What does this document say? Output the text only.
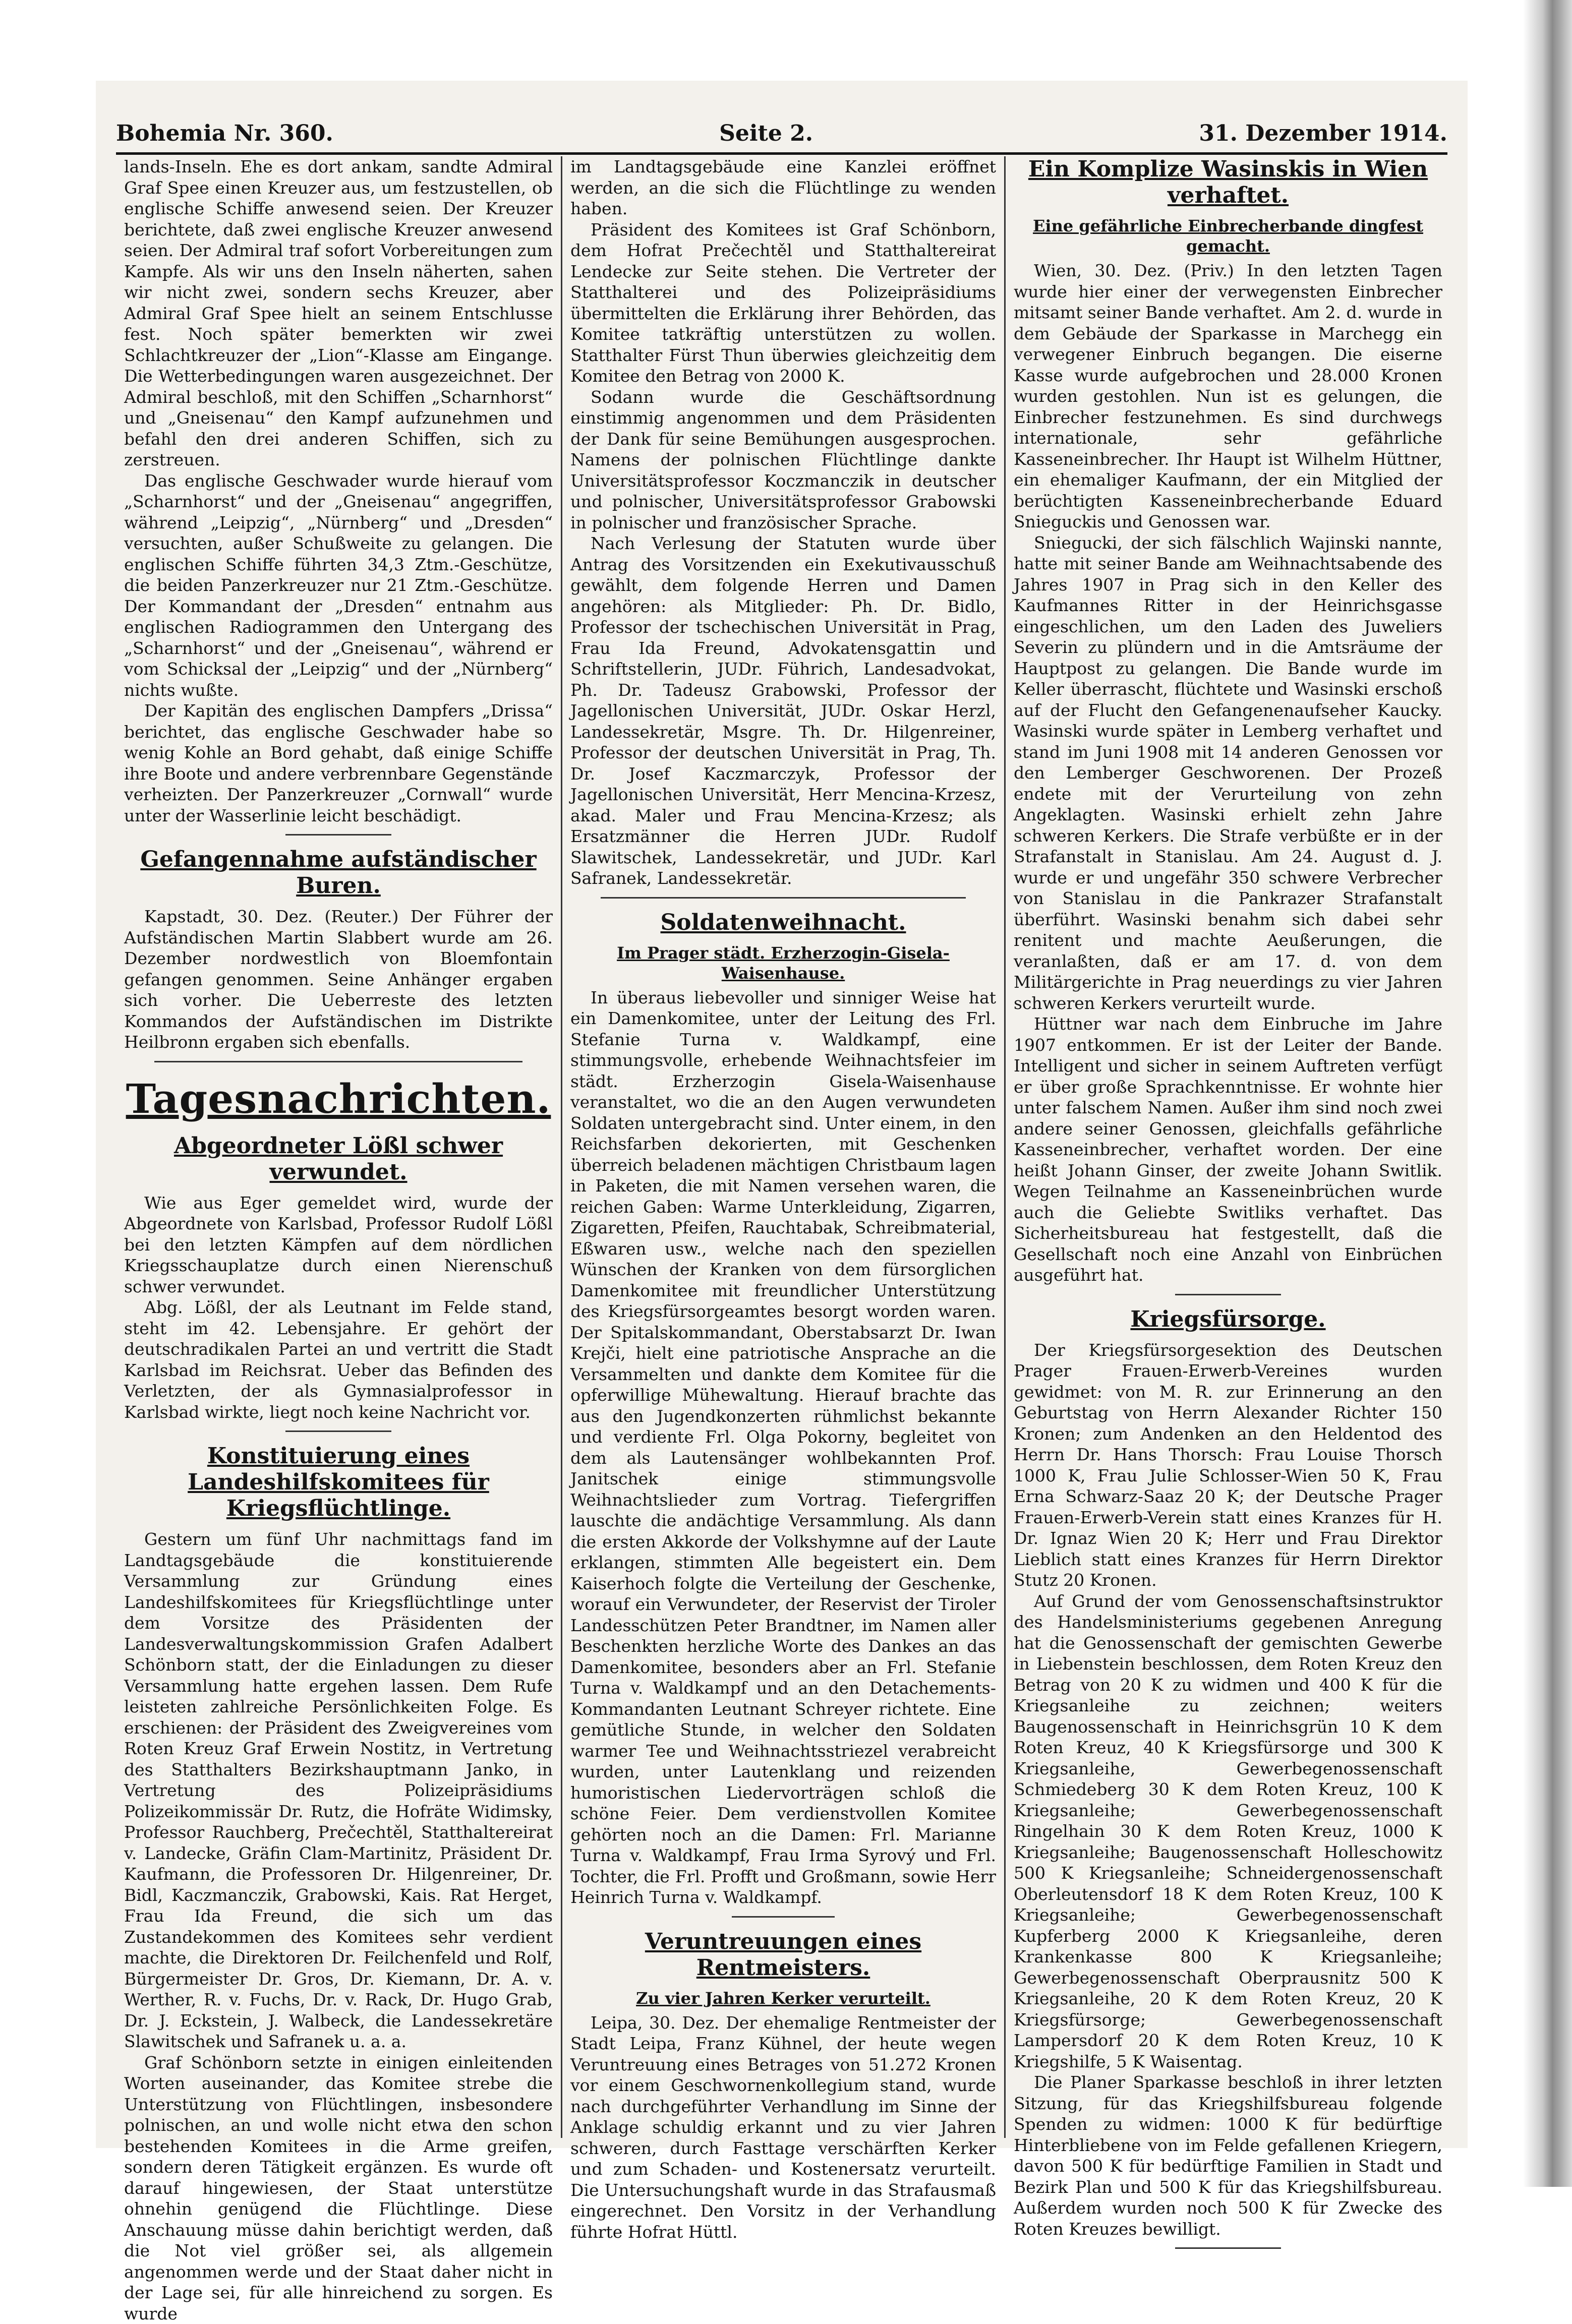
Bohemia Nr. 360.	Seite 2.	31. Dezember 1914.

lands-Inseln. Ehe es dort ankam, sandte Admiral Graf Spee einen Kreuzer aus, um festzustellen, ob englische Schiffe anwesend seien. Der Kreuzer berichtete, daß zwei englische Kreuzer anwesend seien. Der Admiral traf sofort Vorbereitungen zum Kampfe. Als wir uns den Inseln näherten, sahen wir nicht zwei, sondern sechs Kreuzer, aber Admiral Graf Spee hielt an seinem Entschlusse fest. Noch später bemerkten wir zwei Schlachtkreuzer der „Lion“-Klasse am Eingange. Die Wetterbedingungen waren ausgezeichnet. Der Admiral beschloß, mit den Schiffen „Scharnhorst“ und „Gneisenau“ den Kampf aufzunehmen und befahl den drei anderen Schiffen, sich zu zerstreuen.

Das englische Geschwader wurde hierauf vom „Scharnhorst“ und der „Gneisenau“ angegriffen, während „Leipzig“, „Nürnberg“ und „Dresden“ versuchten, außer Schußweite zu gelangen. Die englischen Schiffe führten 34,3 Ztm.-Geschütze, die beiden Panzerkreuzer nur 21 Ztm.-Geschütze. Der Kommandant der „Dresden“ entnahm aus englischen Radiogrammen den Untergang des „Scharnhorst“ und der „Gneisenau“, während er vom Schicksal der „Leipzig“ und der „Nürnberg“ nichts wußte.

Der Kapitän des englischen Dampfers „Drissa“ berichtet, das englische Geschwader habe so wenig Kohle an Bord gehabt, daß einige Schiffe ihre Boote und andere verbrennbare Gegenstände verheizten. Der Panzerkreuzer „Cornwall“ wurde unter der Wasserlinie leicht beschädigt.

Gefangennahme aufständischer Buren.

Kapstadt, 30. Dez. (Reuter.) Der Führer der Aufständischen Martin Slabbert wurde am 26. Dezember nordwestlich von Bloemfontain gefangen genommen. Seine Anhänger ergaben sich vorher. Die Ueberreste des letzten Kommandos der Aufständischen im Distrikte Heilbronn ergaben sich ebenfalls.

Tagesnachrichten.
Abgeordneter Lößl schwer verwundet.

Wie aus Eger gemeldet wird, wurde der Abgeordnete von Karlsbad, Professor Rudolf Lößl bei den letzten Kämpfen auf dem nördlichen Kriegsschauplatze durch einen Nierenschuß schwer verwundet.

Abg. Lößl, der als Leutnant im Felde stand, steht im 42. Lebensjahre. Er gehört der deutschradikalen Partei an und vertritt die Stadt Karlsbad im Reichsrat. Ueber das Befinden des Verletzten, der als Gymnasialprofessor in Karlsbad wirkte, liegt noch keine Nachricht vor.

Konstituierung eines Landeshilfskomitees für Kriegsflüchtlinge.

Gestern um fünf Uhr nachmittags fand im Landtagsgebäude die konstituierende Versammlung zur Gründung eines Landeshilfskomitees für Kriegsflüchtlinge unter dem Vorsitze des Präsidenten der Landesverwaltungskommission Grafen Adalbert Schönborn statt, der die Einladungen zu dieser Versammlung hatte ergehen lassen. Dem Rufe leisteten zahlreiche Persönlichkeiten Folge. Es erschienen: der Präsident des Zweigvereines vom Roten Kreuz Graf Erwein Nostitz, in Vertretung des Statthalters Bezirkshauptmann Janko, in Vertretung des Polizeipräsidiums Polizeikommissär Dr. Rutz, die Hofräte Widimsky, Professor Rauchberg, Prečechtěl, Statthaltereirat v. Landecke, Gräfin Clam-Martinitz, Präsident Dr. Kaufmann, die Professoren Dr. Hilgenreiner, Dr. Bidl, Kaczmanczik, Grabowski, Kais. Rat Herget, Frau Ida Freund, die sich um das Zustandekommen des Komitees sehr verdient machte, die Direktoren Dr. Feilchenfeld und Rolf, Bürgermeister Dr. Gros, Dr. Kiemann, Dr. A. v. Werther, R. v. Fuchs, Dr. v. Rack, Dr. Hugo Grab, Dr. J. Eckstein, J. Walbeck, die Landessekretäre Slawitschek und Safranek u. a. a.

Graf Schönborn setzte in einigen einleitenden Worten auseinander, das Komitee strebe die Unterstützung von Flüchtlingen, insbesondere polnischen, an und wolle nicht etwa den schon bestehenden Komitees in die Arme greifen, sondern deren Tätigkeit ergänzen. Es wurde oft darauf hingewiesen, der Staat unterstütze ohnehin genügend die Flüchtlinge. Diese Anschauung müsse dahin berichtigt werden, daß die Not viel größer sei, als allgemein angenommen werde und der Staat daher nicht in der Lage sei, für alle hinreichend zu sorgen. Es wurde

im Landtagsgebäude eine Kanzlei eröffnet werden, an die sich die Flüchtlinge zu wenden haben.

Präsident des Komitees ist Graf Schönborn, dem Hofrat Prečechtěl und Statthaltereirat Lendecke zur Seite stehen. Die Vertreter der Statthalterei und des Polizeipräsidiums übermittelten die Erklärung ihrer Behörden, das Komitee tatkräftig unterstützen zu wollen. Statthalter Fürst Thun überwies gleichzeitig dem Komitee den Betrag von 2000 K.

Sodann wurde die Geschäftsordnung einstimmig angenommen und dem Präsidenten der Dank für seine Bemühungen ausgesprochen. Namens der polnischen Flüchtlinge dankte Universitätsprofessor Koczmanczik in deutscher und polnischer, Universitätsprofessor Grabowski in polnischer und französischer Sprache.

Nach Verlesung der Statuten wurde über Antrag des Vorsitzenden ein Exekutivausschuß gewählt, dem folgende Herren und Damen angehören: als Mitglieder: Ph. Dr. Bidlo, Professor der tschechischen Universität in Prag, Frau Ida Freund, Advokatensgattin und Schriftstellerin, JUDr. Führich, Landesadvokat, Ph. Dr. Tadeusz Grabowski, Professor der Jagellonischen Universität, JUDr. Oskar Herzl, Landessekretär, Msgre. Th. Dr. Hilgenreiner, Professor der deutschen Universität in Prag, Th. Dr. Josef Kaczmarczyk, Professor der Jagellonischen Universität, Herr Mencina-Krzesz, akad. Maler und Frau Mencina-Krzesz; als Ersatzmänner die Herren JUDr. Rudolf Slawitschek, Landessekretär, und JUDr. Karl Safranek, Landessekretär.

Soldatenweihnacht.
Im Prager städt. Erzherzogin-Gisela-Waisenhause.

In überaus liebevoller und sinniger Weise hat ein Damenkomitee, unter der Leitung des Frl. Stefanie Turna v. Waldkampf, eine stimmungsvolle, erhebende Weihnachtsfeier im städt. Erzherzogin Gisela-Waisenhause veranstaltet, wo die an den Augen verwundeten Soldaten untergebracht sind. Unter einem, in den Reichsfarben dekorierten, mit Geschenken überreich beladenen mächtigen Christbaum lagen in Paketen, die mit Namen versehen waren, die reichen Gaben: Warme Unterkleidung, Zigarren, Zigaretten, Pfeifen, Rauchtabak, Schreibmaterial, Eßwaren usw., welche nach den speziellen Wünschen der Kranken von dem fürsorglichen Damenkomitee mit freundlicher Unterstützung des Kriegsfürsorgeamtes besorgt worden waren. Der Spitalskommandant, Oberstabsarzt Dr. Iwan Krejči, hielt eine patriotische Ansprache an die Versammelten und dankte dem Komitee für die opferwillige Mühewaltung. Hierauf brachte das aus den Jugendkonzerten rühmlichst bekannte und verdiente Frl. Olga Pokorny, begleitet von dem als Lautensänger wohlbekannten Prof. Janitschek einige stimmungsvolle Weihnachtslieder zum Vortrag. Tiefergriffen lauschte die andächtige Versammlung. Als dann die ersten Akkorde der Volkshymne auf der Laute erklangen, stimmten Alle begeistert ein. Dem Kaiserhoch folgte die Verteilung der Geschenke, worauf ein Verwundeter, der Reservist der Tiroler Landesschützen Peter Brandtner, im Namen aller Beschenkten herzliche Worte des Dankes an das Damenkomitee, besonders aber an Frl. Stefanie Turna v. Waldkampf und an den Detachements-Kommandanten Leutnant Schreyer richtete. Eine gemütliche Stunde, in welcher den Soldaten warmer Tee und Weihnachtsstriezel verabreicht wurden, unter Lautenklang und reizenden humoristischen Liedervorträgen schloß die schöne Feier. Dem verdienstvollen Komitee gehörten noch an die Damen: Frl. Marianne Turna v. Waldkampf, Frau Irma Syrový und Frl. Tochter, die Frl. Profft und Großmann, sowie Herr Heinrich Turna v. Waldkampf.

Veruntreuungen eines Rentmeisters.
Zu vier Jahren Kerker verurteilt.

Leipa, 30. Dez. Der ehemalige Rentmeister der Stadt Leipa, Franz Kühnel, der heute wegen Veruntreuung eines Betrages von 51.272 Kronen vor einem Geschwornenkollegium stand, wurde nach durchgeführter Verhandlung im Sinne der Anklage schuldig erkannt und zu vier Jahren schweren, durch Fasttage verschärften Kerker und zum Schaden- und Kostenersatz verurteilt. Die Untersuchungshaft wurde in das Strafausmaß eingerechnet. Den Vorsitz in der Verhandlung führte Hofrat Hüttl.

Ein Komplize Wasinskis in Wien verhaftet.
Eine gefährliche Einbrecherbande dingfest gemacht.

Wien, 30. Dez. (Priv.) In den letzten Tagen wurde hier einer der verwegensten Einbrecher mitsamt seiner Bande verhaftet. Am 2. d. wurde in dem Gebäude der Sparkasse in Marchegg ein verwegener Einbruch begangen. Die eiserne Kasse wurde aufgebrochen und 28.000 Kronen wurden gestohlen. Nun ist es gelungen, die Einbrecher festzunehmen. Es sind durchwegs internationale, sehr gefährliche Kasseneinbrecher. Ihr Haupt ist Wilhelm Hüttner, ein ehemaliger Kaufmann, der ein Mitglied der berüchtigten Kasseneinbrecherbande Eduard Snieguckis und Genossen war.

Sniegucki, der sich fälschlich Wajinski nannte, hatte mit seiner Bande am Weihnachtsabende des Jahres 1907 in Prag sich in den Keller des Kaufmannes Ritter in der Heinrichsgasse eingeschlichen, um den Laden des Juweliers Severin zu plündern und in die Amtsräume der Hauptpost zu gelangen. Die Bande wurde im Keller überrascht, flüchtete und Wasinski erschoß auf der Flucht den Gefangenenaufseher Kaucky. Wasinski wurde später in Lemberg verhaftet und stand im Juni 1908 mit 14 anderen Genossen vor den Lemberger Geschworenen. Der Prozeß endete mit der Verurteilung von zehn Angeklagten. Wasinski erhielt zehn Jahre schweren Kerkers. Die Strafe verbüßte er in der Strafanstalt in Stanislau. Am 24. August d. J. wurde er und ungefähr 350 schwere Verbrecher von Stanislau in die Pankrazer Strafanstalt überführt. Wasinski benahm sich dabei sehr renitent und machte Aeußerungen, die veranlaßten, daß er am 17. d. von dem Militärgerichte in Prag neuerdings zu vier Jahren schweren Kerkers verurteilt wurde.

Hüttner war nach dem Einbruche im Jahre 1907 entkommen. Er ist der Leiter der Bande. Intelligent und sicher in seinem Auftreten verfügt er über große Sprachkenntnisse. Er wohnte hier unter falschem Namen. Außer ihm sind noch zwei andere seiner Genossen, gleichfalls gefährliche Kasseneinbrecher, verhaftet worden. Der eine heißt Johann Ginser, der zweite Johann Switlik. Wegen Teilnahme an Kasseneinbrüchen wurde auch die Geliebte Switliks verhaftet. Das Sicherheitsbureau hat festgestellt, daß die Gesellschaft noch eine Anzahl von Einbrüchen ausgeführt hat.

Kriegsfürsorge.

Der Kriegsfürsorgesektion des Deutschen Prager Frauen-Erwerb-Vereines wurden gewidmet: von M. R. zur Erinnerung an den Geburtstag von Herrn Alexander Richter 150 Kronen; zum Andenken an den Heldentod des Herrn Dr. Hans Thorsch: Frau Louise Thorsch 1000 K, Frau Julie Schlosser-Wien 50 K, Frau Erna Schwarz-Saaz 20 K; der Deutsche Prager Frauen-Erwerb-Verein statt eines Kranzes für H. Dr. Ignaz Wien 20 K; Herr und Frau Direktor Lieblich statt eines Kranzes für Herrn Direktor Stutz 20 Kronen.

Auf Grund der vom Genossenschaftsinstruktor des Handelsministeriums gegebenen Anregung hat die Genossenschaft der gemischten Gewerbe in Liebenstein beschlossen, dem Roten Kreuz den Betrag von 20 K zu widmen und 400 K für die Kriegsanleihe zu zeichnen; weiters Baugenossenschaft in Heinrichsgrün 10 K dem Roten Kreuz, 40 K Kriegsfürsorge und 300 K Kriegsanleihe, Gewerbegenossenschaft Schmiedeberg 30 K dem Roten Kreuz, 100 K Kriegsanleihe; Gewerbegenossenschaft Ringelhain 30 K dem Roten Kreuz, 1000 K Kriegsanleihe; Baugenossenschaft Holleschowitz 500 K Kriegsanleihe; Schneidergenossenschaft Oberleutensdorf 18 K dem Roten Kreuz, 100 K Kriegsanleihe; Gewerbegenossenschaft Kupferberg 2000 K Kriegsanleihe, deren Krankenkasse 800 K Kriegsanleihe; Gewerbegenossenschaft Oberprausnitz 500 K Kriegsanleihe, 20 K dem Roten Kreuz, 20 K Kriegsfürsorge; Gewerbegenossenschaft Lampersdorf 20 K dem Roten Kreuz, 10 K Kriegshilfe, 5 K Waisentag.

Die Planer Sparkasse beschloß in ihrer letzten Sitzung, für das Kriegshilfsbureau folgende Spenden zu widmen: 1000 K für bedürftige Hinterbliebene von im Felde gefallenen Kriegern, davon 500 K für bedürftige Familien in Stadt und Bezirk Plan und 500 K für das Kriegshilfsbureau. Außerdem wurden noch 500 K für Zwecke des Roten Kreuzes bewilligt.
